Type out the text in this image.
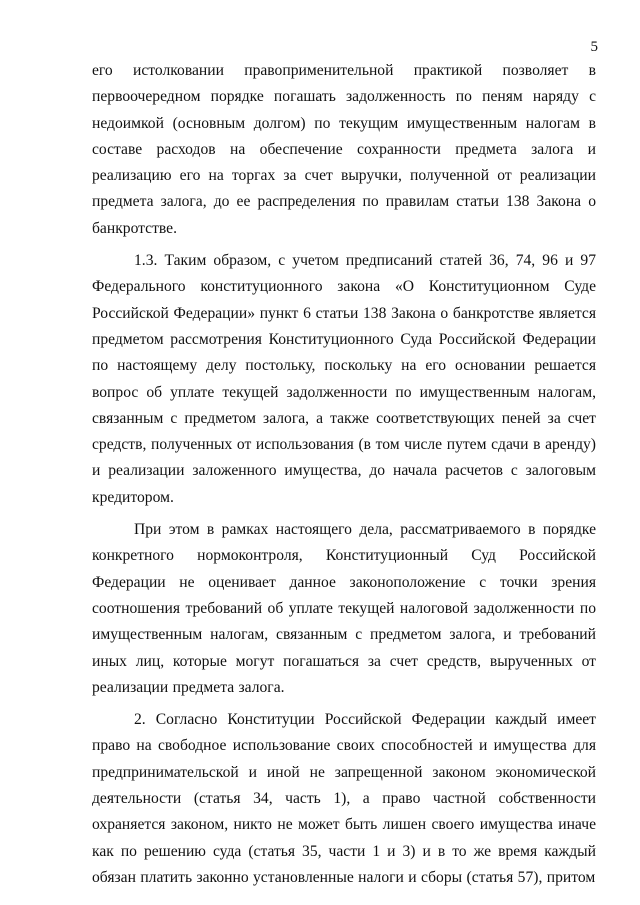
5

его истолковании правоприменительной практикой позволяет в первоочередном порядке погашать задолженность по пеням наряду с недоимкой (основным долгом) по текущим имущественным налогам в составе расходов на обеспечение сохранности предмета залога и реализацию его на торгах за счет выручки, полученной от реализации предмета залога, до ее распределения по правилам статьи 138 Закона о банкротстве.

1.3. Таким образом, с учетом предписаний статей 36, 74, 96 и 97 Федерального конституционного закона «О Конституционном Суде Российской Федерации» пункт 6 статьи 138 Закона о банкротстве является предметом рассмотрения Конституционного Суда Российской Федерации по настоящему делу постольку, поскольку на его основании решается вопрос об уплате текущей задолженности по имущественным налогам, связанным с предметом залога, а также соответствующих пеней за счет средств, полученных от использования (в том числе путем сдачи в аренду) и реализации заложенного имущества, до начала расчетов с залоговым кредитором.

При этом в рамках настоящего дела, рассматриваемого в порядке конкретного нормоконтроля, Конституционный Суд Российской Федерации не оценивает данное законоположение с точки зрения соотношения требований об уплате текущей налоговой задолженности по имущественным налогам, связанным с предметом залога, и требований иных лиц, которые могут погашаться за счет средств, вырученных от реализации предмета залога.

2. Согласно Конституции Российской Федерации каждый имеет право на свободное использование своих способностей и имущества для предпринимательской и иной не запрещенной законом экономической деятельности (статья 34, часть 1), а право частной собственности охраняется законом, никто не может быть лишен своего имущества иначе как по решению суда (статья 35, части 1 и 3) и в то же время каждый обязан платить законно установленные налоги и сборы (статья 57), притом
